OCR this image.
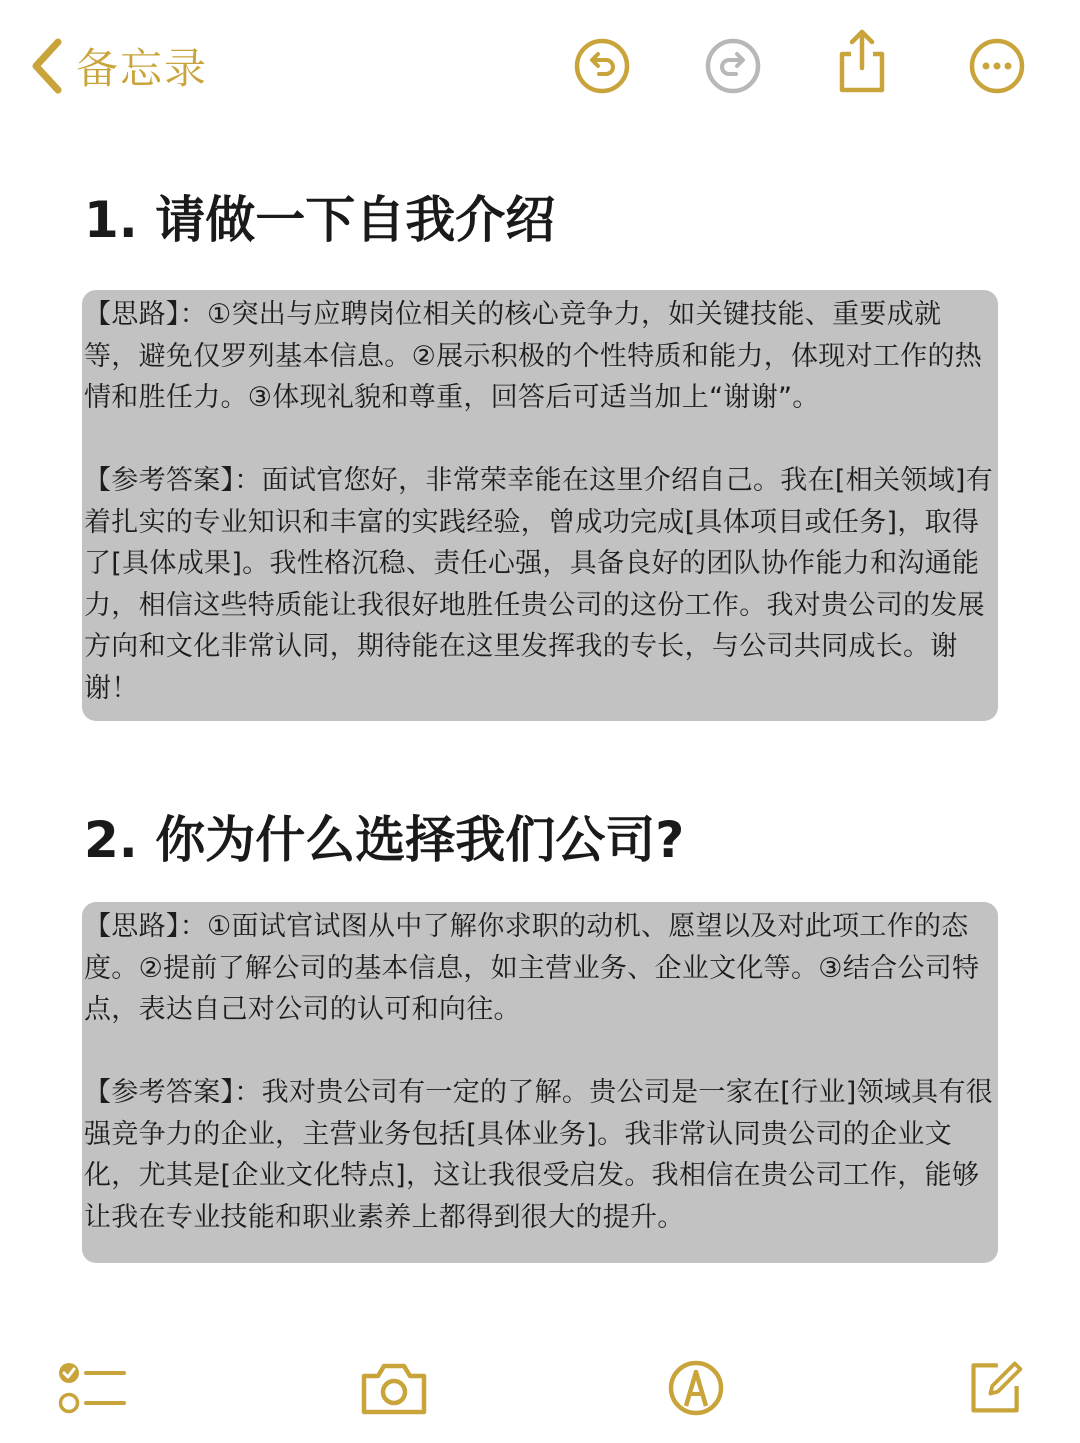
备忘录
1. 请做一下自我介绍

【思路】：①突出与应聘岗位相关的核心竞争力，如关键技能、重要成就等，避免仅罗列基本信息。②展示积极的个性特质和能力，体现对工作的热情和胜任力。③体现礼貌和尊重，回答后可适当加上“谢谢”。

【参考答案】：面试官您好，非常荣幸能在这里介绍自己。我在[相关领域]有着扎实的专业知识和丰富的实践经验，曾成功完成[具体项目或任务]，取得了[具体成果]。我性格沉稳、责任心强，具备良好的团队协作能力和沟通能力，相信这些特质能让我很好地胜任贵公司的这份工作。我对贵公司的发展方向和文化非常认同，期待能在这里发挥我的专长，与公司共同成长。谢谢！

2. 你为什么选择我们公司?

【思路】：①面试官试图从中了解你求职的动机、愿望以及对此项工作的态度。②提前了解公司的基本信息，如主营业务、企业文化等。③结合公司特点，表达自己对公司的认可和向往。

【参考答案】：我对贵公司有一定的了解。贵公司是一家在[行业]领域具有很强竞争力的企业，主营业务包括[具体业务]。我非常认同贵公司的企业文化，尤其是[企业文化特点]，这让我很受启发。我相信在贵公司工作，能够让我在专业技能和职业素养上都得到很大的提升。
